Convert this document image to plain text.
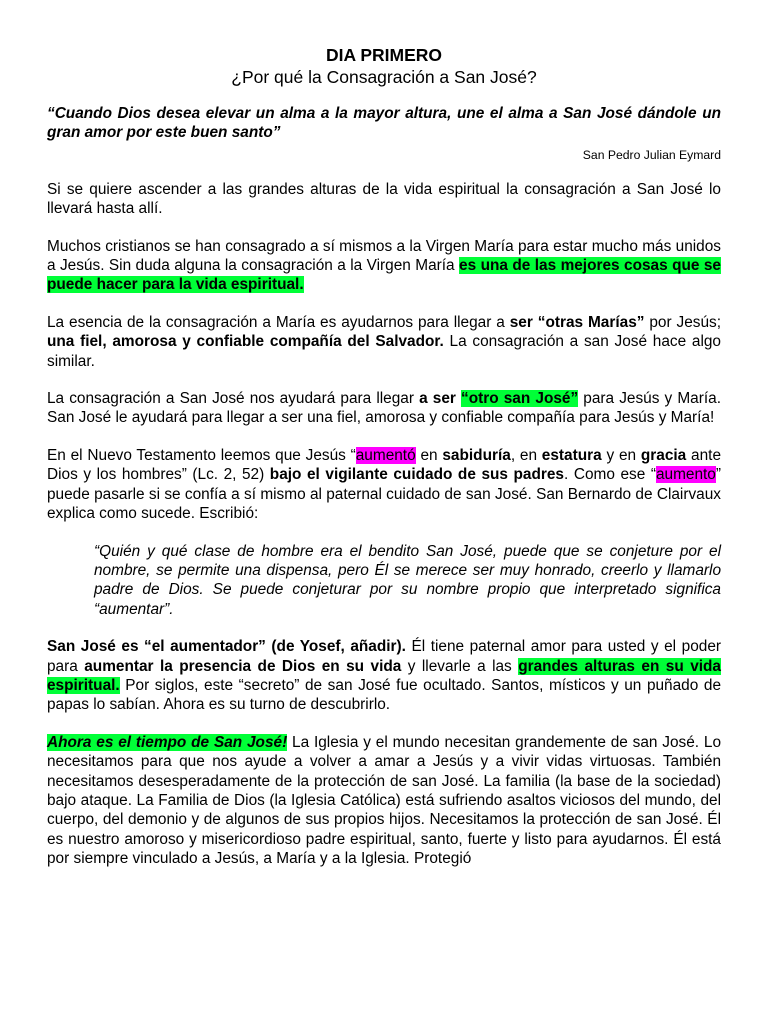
DIA PRIMERO
¿Por qué la Consagración a San José?

“Cuando Dios desea elevar un alma a la mayor altura, une el alma a San José dándole un gran amor por este buen santo”

San Pedro Julian Eymard

Si se quiere ascender a las grandes alturas de la vida espiritual la consagración a San José lo llevará hasta allí.

Muchos cristianos se han consagrado a sí mismos a la Virgen María para estar mucho más unidos a Jesús. Sin duda alguna la consagración a la Virgen María es una de las mejores cosas que se puede hacer para la vida espiritual.

La esencia de la consagración a María es ayudarnos para llegar a ser “otras Marías” por Jesús; una fiel, amorosa y confiable compañía del Salvador. La consagración a san José hace algo similar.

La consagración a San José nos ayudará para llegar a ser “otro san José” para Jesús y María. San José le ayudará para llegar a ser una fiel, amorosa y confiable compañía para Jesús y María!

En el Nuevo Testamento leemos que Jesús “aumentó en sabiduría, en estatura y en gracia ante Dios y los hombres” (Lc. 2, 52) bajo el vigilante cuidado de sus padres. Como ese “aumento” puede pasarle si se confía a sí mismo al paternal cuidado de san José. San Bernardo de Clairvaux explica como sucede. Escribió:

“Quién y qué clase de hombre era el bendito San José, puede que se conjeture por el nombre, se permite una dispensa, pero Él se merece ser muy honrado, creerlo y llamarlo padre de Dios. Se puede conjeturar por su nombre propio que interpretado significa “aumentar”.

San José es “el aumentador” (de Yosef, añadir). Él tiene paternal amor para usted y el poder para aumentar la presencia de Dios en su vida y llevarle a las grandes alturas en su vida espiritual. Por siglos, este “secreto” de san José fue ocultado. Santos, místicos y un puñado de papas lo sabían. Ahora es su turno de descubrirlo.

Ahora es el tiempo de San José! La Iglesia y el mundo necesitan grandemente de san José. Lo necesitamos para que nos ayude a volver a amar a Jesús y a vivir vidas virtuosas. También necesitamos desesperadamente de la protección de san José. La familia (la base de la sociedad) bajo ataque. La Familia de Dios (la Iglesia Católica) está sufriendo asaltos viciosos del mundo, del cuerpo, del demonio y de algunos de sus propios hijos. Necesitamos la protección de san José. Él es nuestro amoroso y misericordioso padre espiritual, santo, fuerte y listo para ayudarnos. Él está por siempre vinculado a Jesús, a María y a la Iglesia. Protegió
